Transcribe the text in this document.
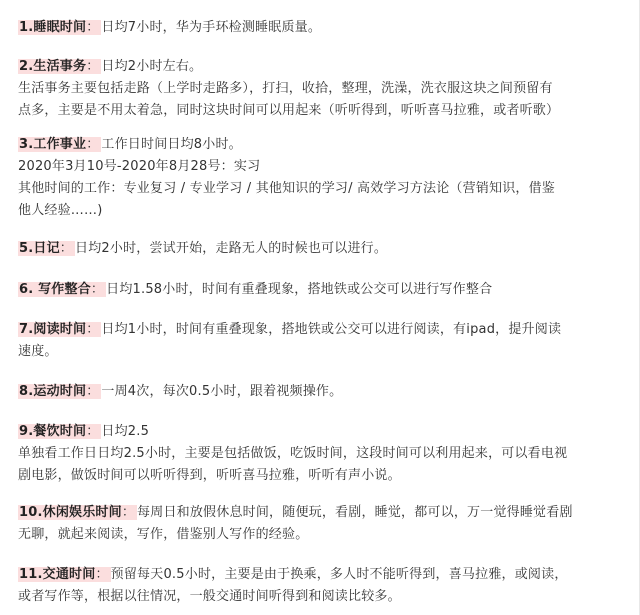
1.睡眠时间： 日均7小时，华为手环检测睡眠质量。
2.生活事务： 日均2小时左右。
生活事务主要包括走路（上学时走路多），打扫，收拾，整理，洗澡，洗衣服这块之间预留有
点多，主要是不用太着急，同时这块时间可以用起来（听听得到，听听喜马拉雅，或者听歌）
3.工作事业： 工作日时间日均8小时。
2020年3月10号-2020年8月28号：实习
其他时间的工作：专业复习 / 专业学习 / 其他知识的学习/ 高效学习方法论（营销知识，借鉴
他人经验……)
5.日记： 日均2小时，尝试开始，走路无人的时候也可以进行。
6. 写作整合： 日均1.58小时，时间有重叠现象，搭地铁或公交可以进行写作整合
7.阅读时间： 日均1小时，时间有重叠现象，搭地铁或公交可以进行阅读，有ipad，提升阅读
速度。
8.运动时间： 一周4次，每次0.5小时，跟着视频操作。
9.餐饮时间： 日均2.5
单独看工作日日均2.5小时，主要是包括做饭，吃饭时间，这段时间可以利用起来，可以看电视
剧电影，做饭时间可以听听得到，听听喜马拉雅，听听有声小说。
10.休闲娱乐时间： 每周日和放假休息时间，随便玩，看剧，睡觉，都可以，万一觉得睡觉看剧
无聊，就起来阅读，写作，借鉴别人写作的经验。
11.交通时间： 预留每天0.5小时，主要是由于换乘，多人时不能听得到，喜马拉雅，或阅读，
或者写作等，根据以往情况，一般交通时间听得到和阅读比较多。
